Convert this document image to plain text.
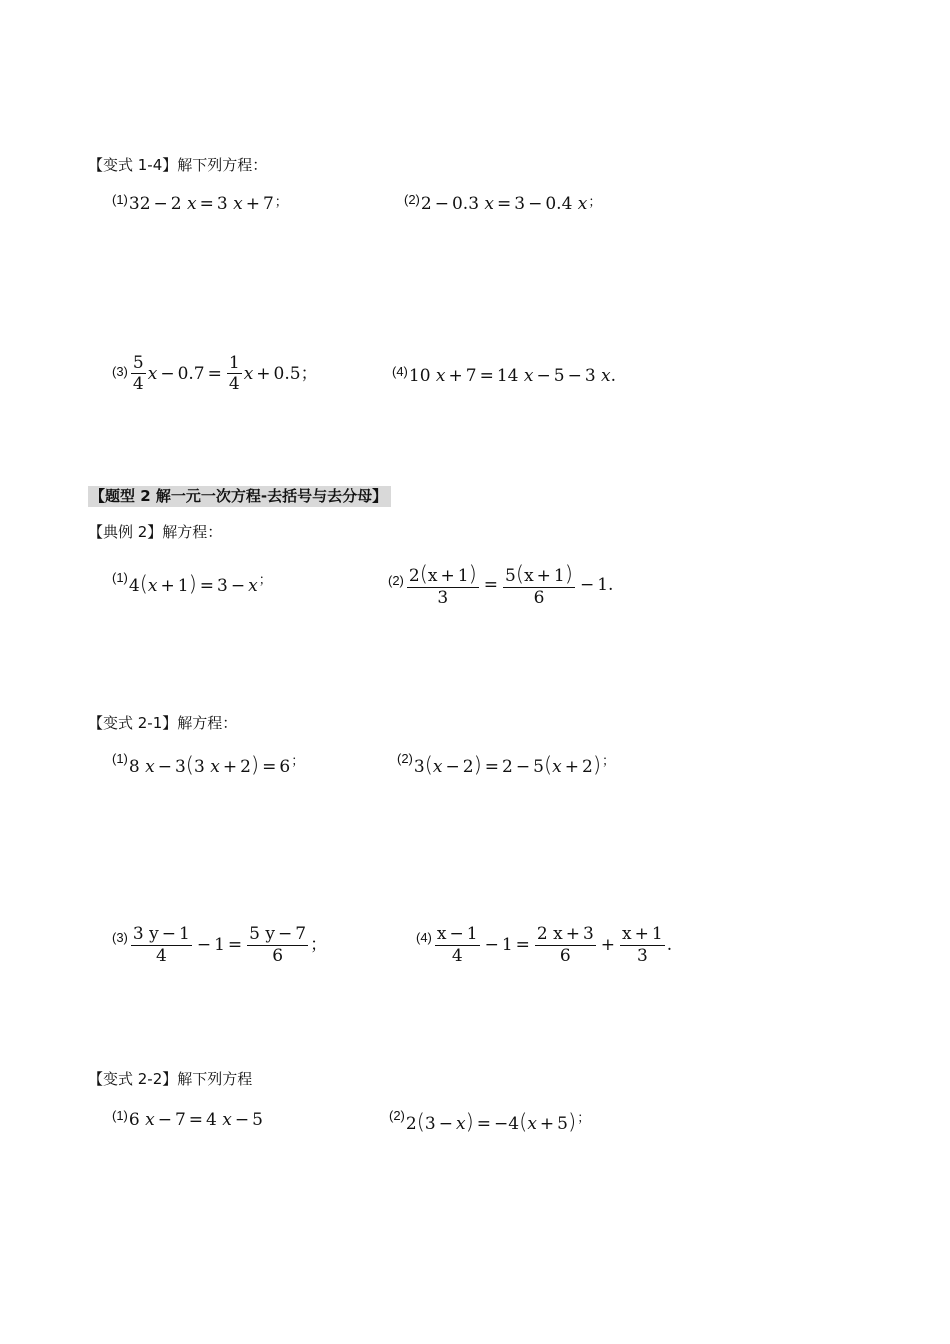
【变式 1-4】解下列方程：
$^{(1)}$32 − 2 x = 3 x + 7；	$^{(2)}$2 − 0.3 x = 3 − 0.4 x；
$^{(3)} \frac{5}{4}$ $x - 0.7 = \frac{1}{4}$ x + 0.5；	$^{(4)}$10 x + 7 = 14 x − 5 − 3 x.
【题型 2 解一元一次方程-去括号与去分母】
【典例 2】解方程：
$^{(1)}$4(x + 1) = 3 − x；	$^{(2)} \frac{2(x + 1)}{3} = \frac{5(x + 1)}{6} - 1$.
【变式 2-1】解方程：
$^{(1)}$8 x − 3(3 x + 2) = 6；	$^{(2)}$3(x − 2) = 2 − 5(x + 2)；
$^{(3)} \frac{3 y - 1}{4} - 1 = \frac{5 y - 7}{6}$ ；	$^{(4)} \frac{x - 1}{4} - 1 = \frac{2 x + 3}{6} + \frac{x + 1}{3}$ .
【变式 2-2】解下列方程
$^{(1)}$6 x − 7 = 4 x − 5	$^{(2)}$2(3 − x) = −4(x + 5)；
